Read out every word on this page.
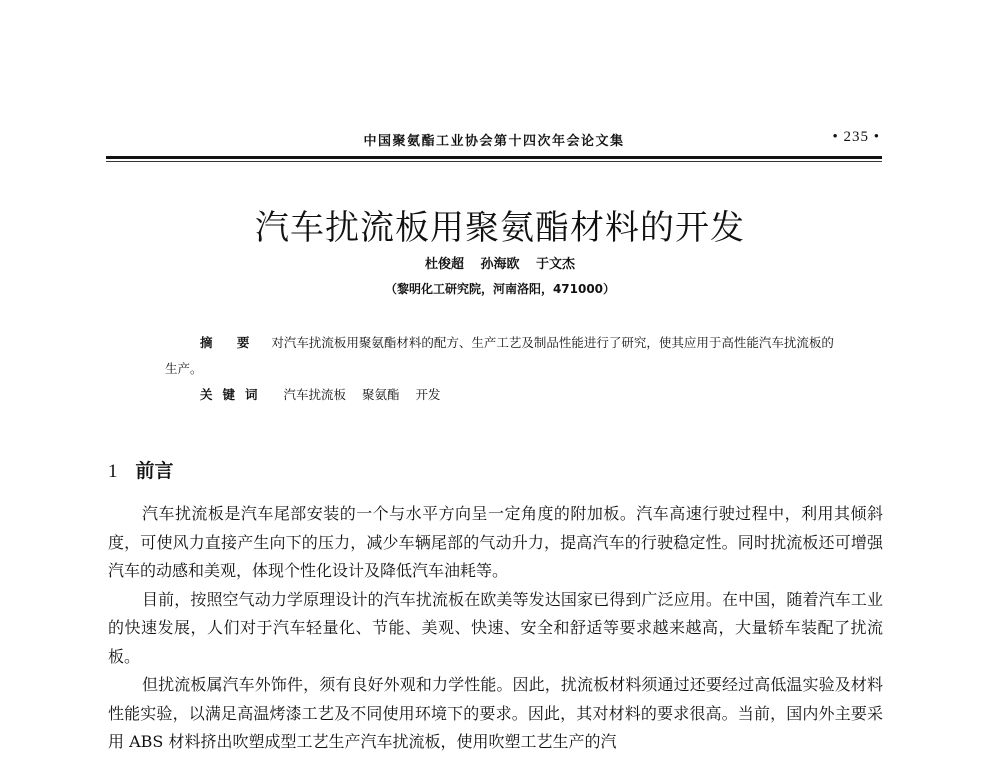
中国聚氨酯工业协会第十四次年会论文集	• 235 •
汽车扰流板用聚氨酯材料的开发
杜俊超 孙海欧 于文杰
（黎明化工研究院，河南洛阳，471000）
摘 要 对汽车扰流板用聚氨酯材料的配方、生产工艺及制品性能进行了研究，使其应用于高性能汽车扰流板的生产。
关键词 汽车扰流板 聚氨酯 开发
1 前言

汽车扰流板是汽车尾部安装的一个与水平方向呈一定角度的附加板。汽车高速行驶过程中，利用其倾斜度，可使风力直接产生向下的压力，减少车辆尾部的气动升力，提高汽车的行驶稳定性。同时扰流板还可增强汽车的动感和美观，体现个性化设计及降低汽车油耗等。

目前，按照空气动力学原理设计的汽车扰流板在欧美等发达国家已得到广泛应用。在中国，随着汽车工业的快速发展，人们对于汽车轻量化、节能、美观、快速、安全和舒适等要求越来越高，大量轿车装配了扰流板。

但扰流板属汽车外饰件，须有良好外观和力学性能。因此，扰流板材料须通过还要经过高低温实验及材料性能实验，以满足高温烤漆工艺及不同使用环境下的要求。因此，其对材料的要求很高。当前，国内外主要采用 ABS 材料挤出吹塑成型工艺生产汽车扰流板，使用吹塑工艺生产的汽
